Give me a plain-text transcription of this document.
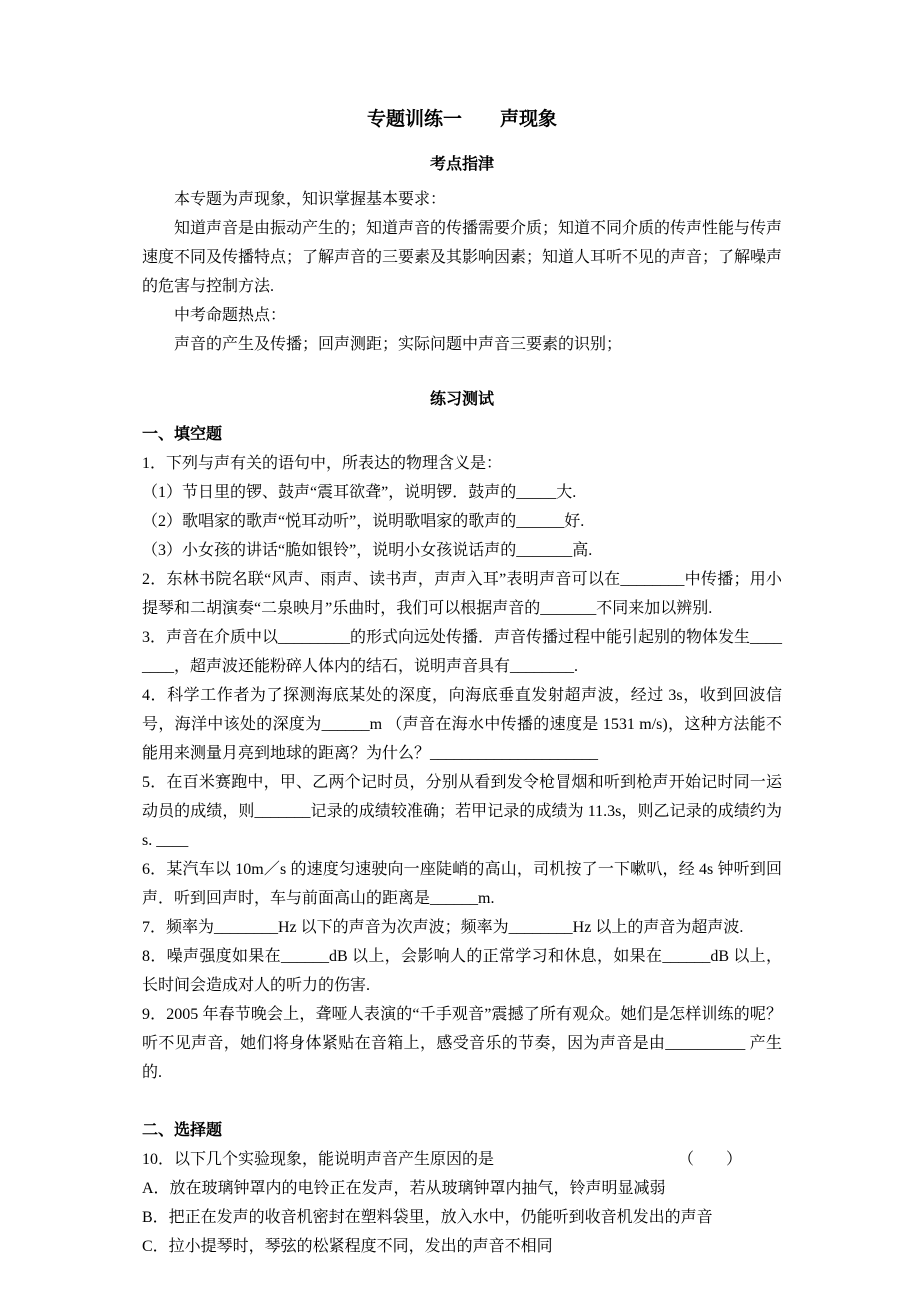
专题训练一　　声现象
考点指津

本专题为声现象，知识掌握基本要求：

知道声音是由振动产生的；知道声音的传播需要介质；知道不同介质的传声性能与传声速度不同及传播特点；了解声音的三要素及其影响因素；知道人耳听不见的声音；了解噪声的危害与控制方法.

中考命题热点：

声音的产生及传播；回声测距；实际问题中声音三要素的识别；

练习测试

一、填空题

1．下列与声有关的语句中，所表达的物理含义是：

（1）节日里的锣、鼓声“震耳欲聋”，说明锣．鼓声的_____大.

（2）歌唱家的歌声“悦耳动听”，说明歌唱家的歌声的______好.

（3）小女孩的讲话“脆如银铃”，说明小女孩说话声的_______高.

2．东林书院名联“风声、雨声、读书声，声声入耳”表明声音可以在________中传播；用小提琴和二胡演奏“二泉映月”乐曲时，我们可以根据声音的_______不同来加以辨别.

3．声音在介质中以_________的形式向远处传播．声音传播过程中能引起别的物体发生________，超声波还能粉碎人体内的结石，说明声音具有________.

4．科学工作者为了探测海底某处的深度，向海底垂直发射超声波，经过 3s，收到回波信号，海洋中该处的深度为______m （声音在海水中传播的速度是 1531 m/s)，这种方法能不能用来测量月亮到地球的距离？为什么？_____________________

5．在百米赛跑中，甲、乙两个记时员，分别从看到发令枪冒烟和听到枪声开始记时同一运动员的成绩，则_______记录的成绩较准确；若甲记录的成绩为 11.3s，则乙记录的成绩约为 s. ____

6．某汽车以 10m／s 的速度匀速驶向一座陡峭的高山，司机按了一下嗽叭，经 4s 钟听到回声．听到回声时，车与前面高山的距离是______m.

7．频率为________Hz 以下的声音为次声波；频率为________Hz 以上的声音为超声波.

8．噪声强度如果在______dB 以上，会影响人的正常学习和休息，如果在______dB 以上，长时间会造成对人的听力的伤害.

9．2005 年春节晚会上，聋哑人表演的“千手观音”震撼了所有观众。她们是怎样训练的呢？听不见声音，她们将身体紧贴在音箱上，感受音乐的节奏，因为声音是由__________ 产生的.

二、选择题

10．以下几个实验现象，能说明声音产生原因的是	（　　）

A．放在玻璃钟罩内的电铃正在发声，若从玻璃钟罩内抽气，铃声明显减弱

B．把正在发声的收音机密封在塑料袋里，放入水中，仍能听到收音机发出的声音

C．拉小提琴时，琴弦的松紧程度不同，发出的声音不相同
